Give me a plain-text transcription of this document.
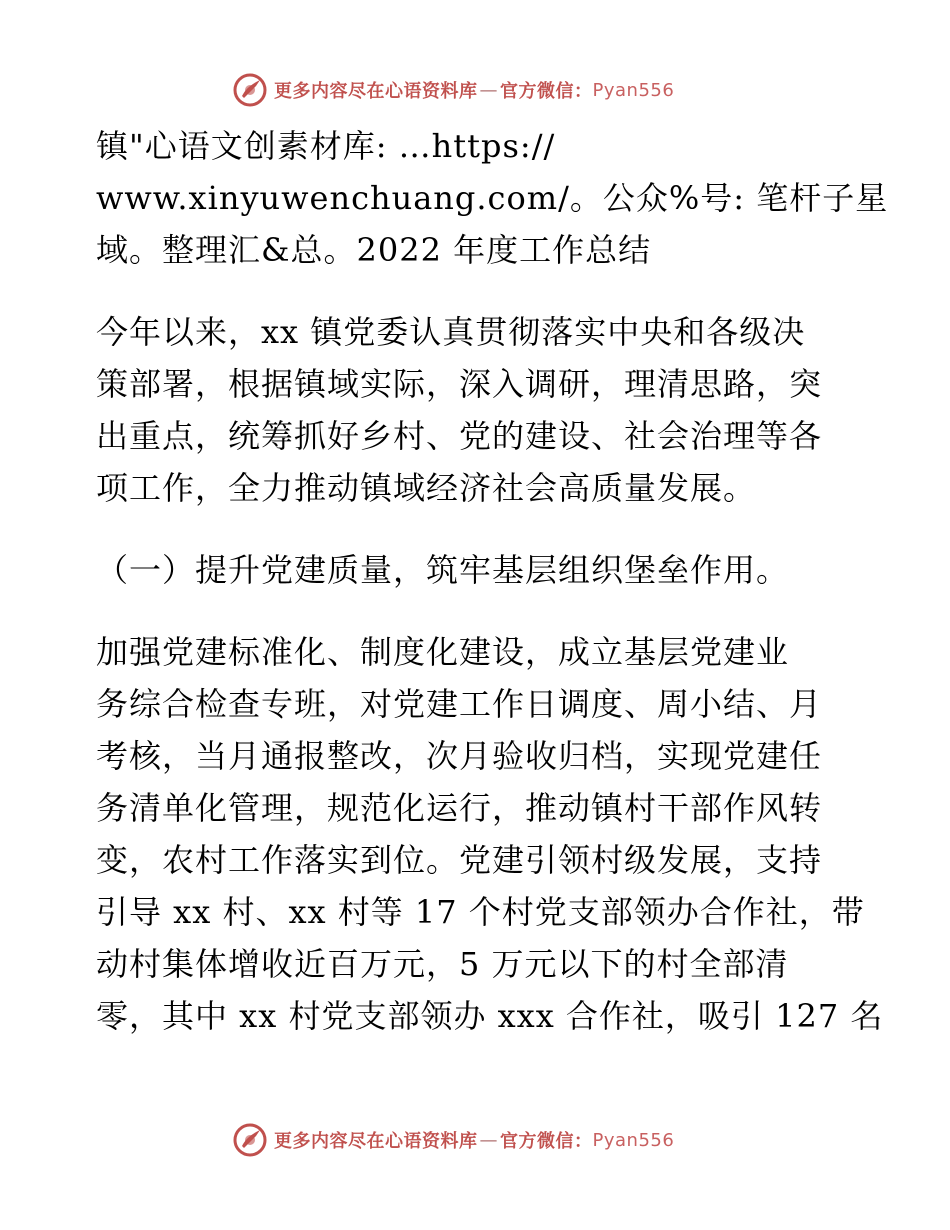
更多内容尽在心语资料库 — 官方微信： Pyan556
镇"心语文创素材库: …https://
www.xinyuwenchuang.com/。公众%号: 笔杆子星
域。整理汇&总。2022 年度工作总结
今年以来，xx 镇党委认真贯彻落实中央和各级决
策部署，根据镇域实际，深入调研，理清思路，突
出重点，统筹抓好乡村、党的建设、社会治理等各
项工作，全力推动镇域经济社会高质量发展。
（一）提升党建质量，筑牢基层组织堡垒作用。
加强党建标准化、制度化建设，成立基层党建业
务综合检查专班，对党建工作日调度、周小结、月
考核，当月通报整改，次月验收归档，实现党建任
务清单化管理，规范化运行，推动镇村干部作风转
变，农村工作落实到位。党建引领村级发展，支持
引导 xx 村、xx 村等 17 个村党支部领办合作社，带
动村集体增收近百万元，5 万元以下的村全部清
零，其中 xx 村党支部领办 xxx 合作社，吸引 127 名
更多内容尽在心语资料库 — 官方微信： Pyan556
